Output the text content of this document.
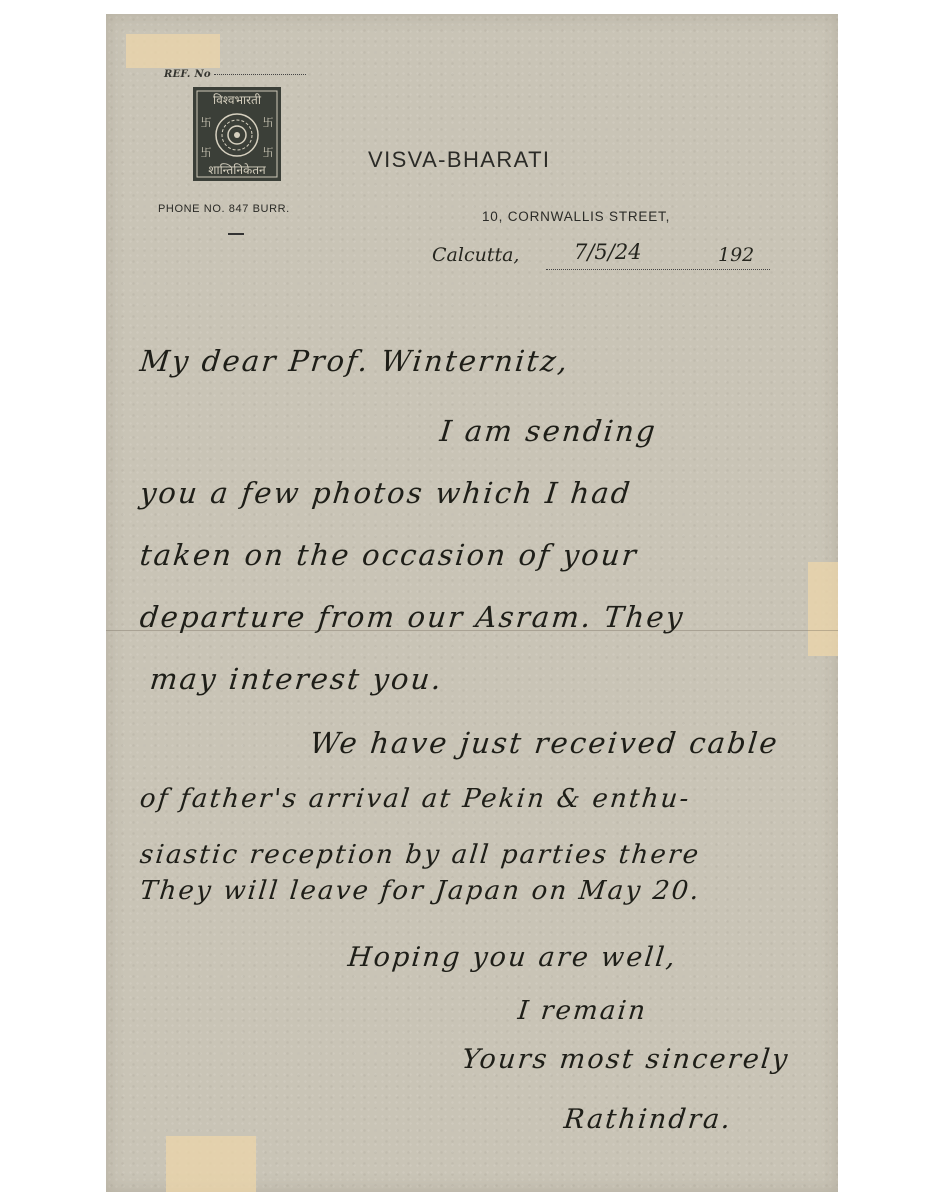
REF. No
विश्वभारती
शान्तिनिकेतन
卐
卐
卐
卐
PHONE NO. 847 BURR.
VISVA-BHARATI
10, CORNWALLIS STREET,
Calcutta,	7/5/24	192
My dear Prof. Winternitz,
I am sending
you a few photos which I had
taken on the occasion of your
departure from our Asram. They
may interest you.
We have just received cable
of father's arrival at Pekin & enthu-
siastic reception by all parties there
They will leave for Japan on May 20.
Hoping you are well,
I remain
Yours most sincerely
Rathindra.
